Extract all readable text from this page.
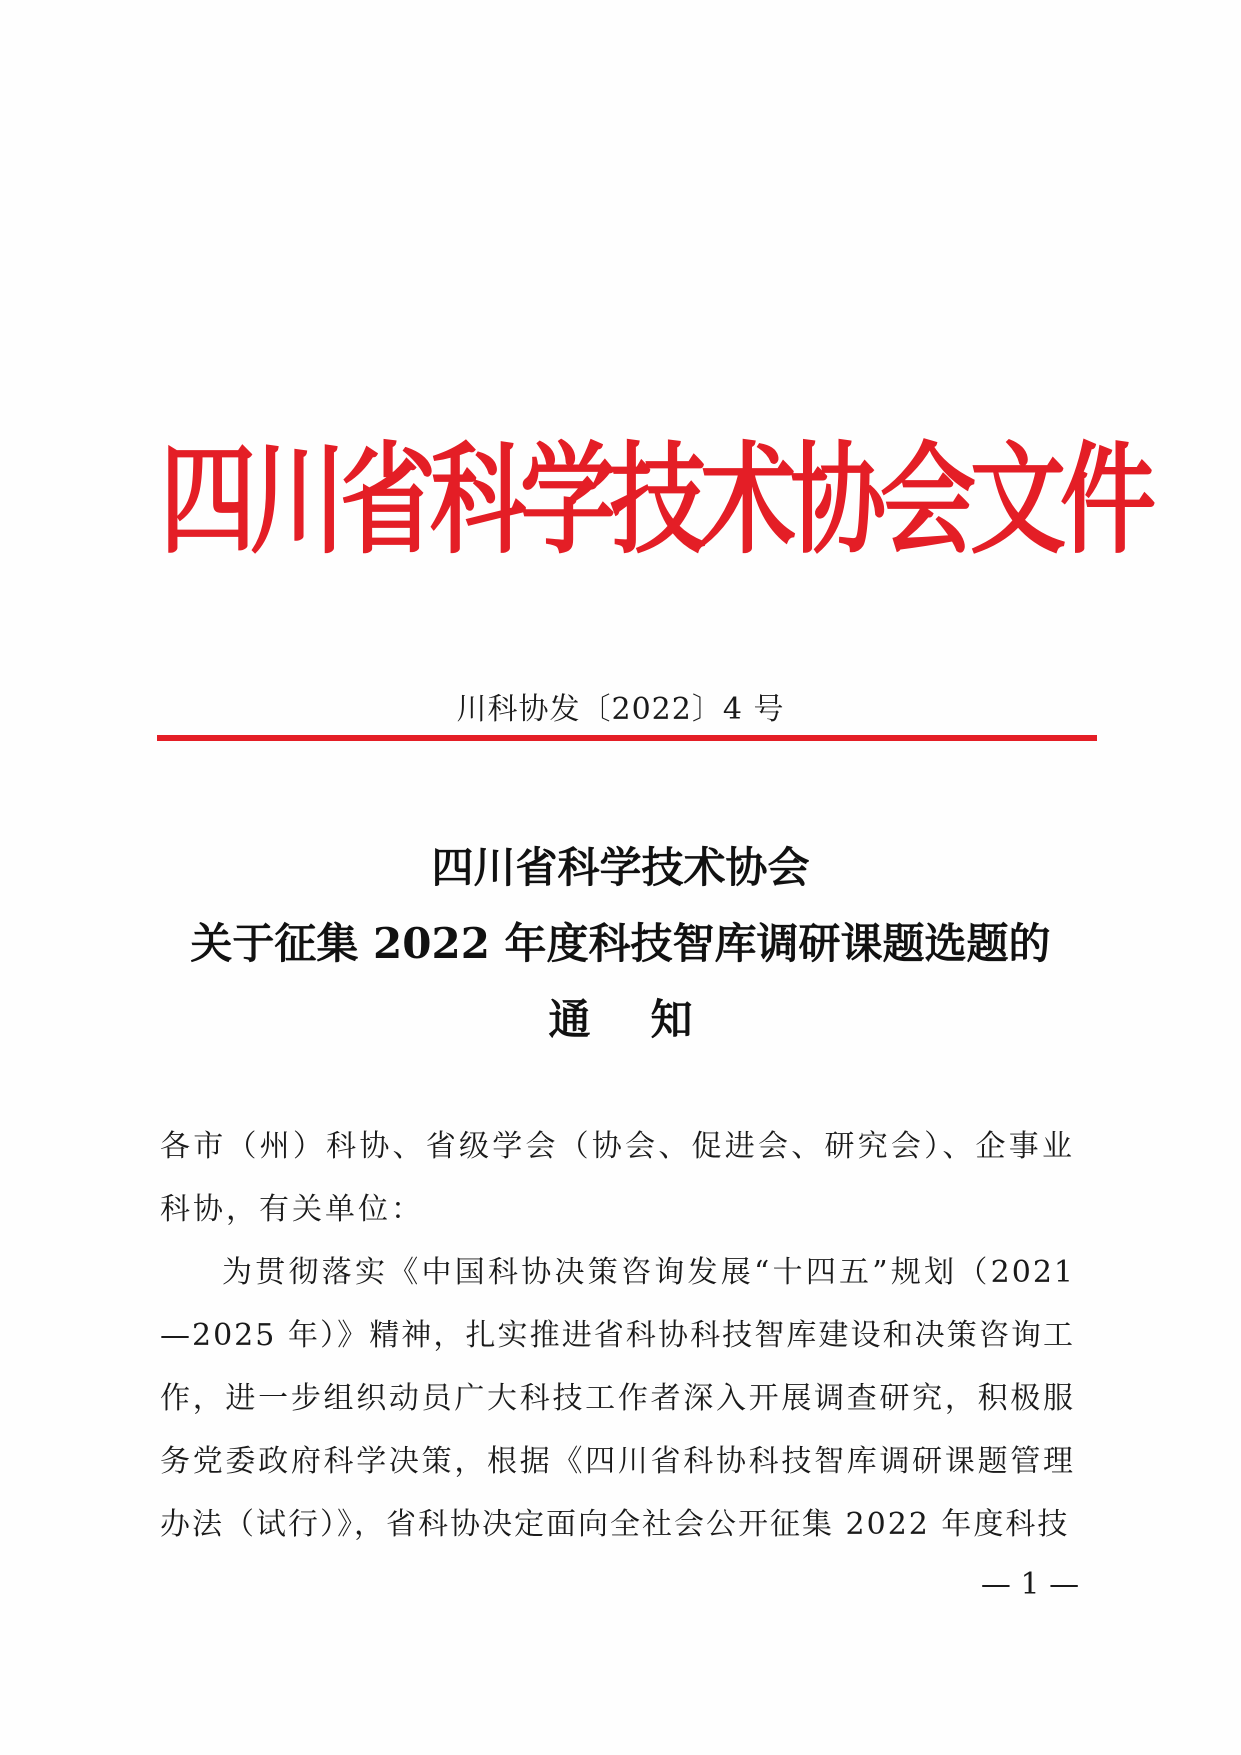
四川省科学技术协会文件
川科协发〔2022〕4 号
四川省科学技术协会
关于征集 2022 年度科技智库调研课题选题的
通知

各市（州）科协、省级学会（协会、促进会、研究会）、企事业科协，有关单位：

为贯彻落实《中国科协决策咨询发展“十四五”规划（2021—2025 年）》精神，扎实推进省科协科技智库建设和决策咨询工作，进一步组织动员广大科技工作者深入开展调查研究，积极服务党委政府科学决策，根据《四川省科协科技智库调研课题管理办法（试行）》，省科协决定面向全社会公开征集 2022 年度科技

— 1 —
